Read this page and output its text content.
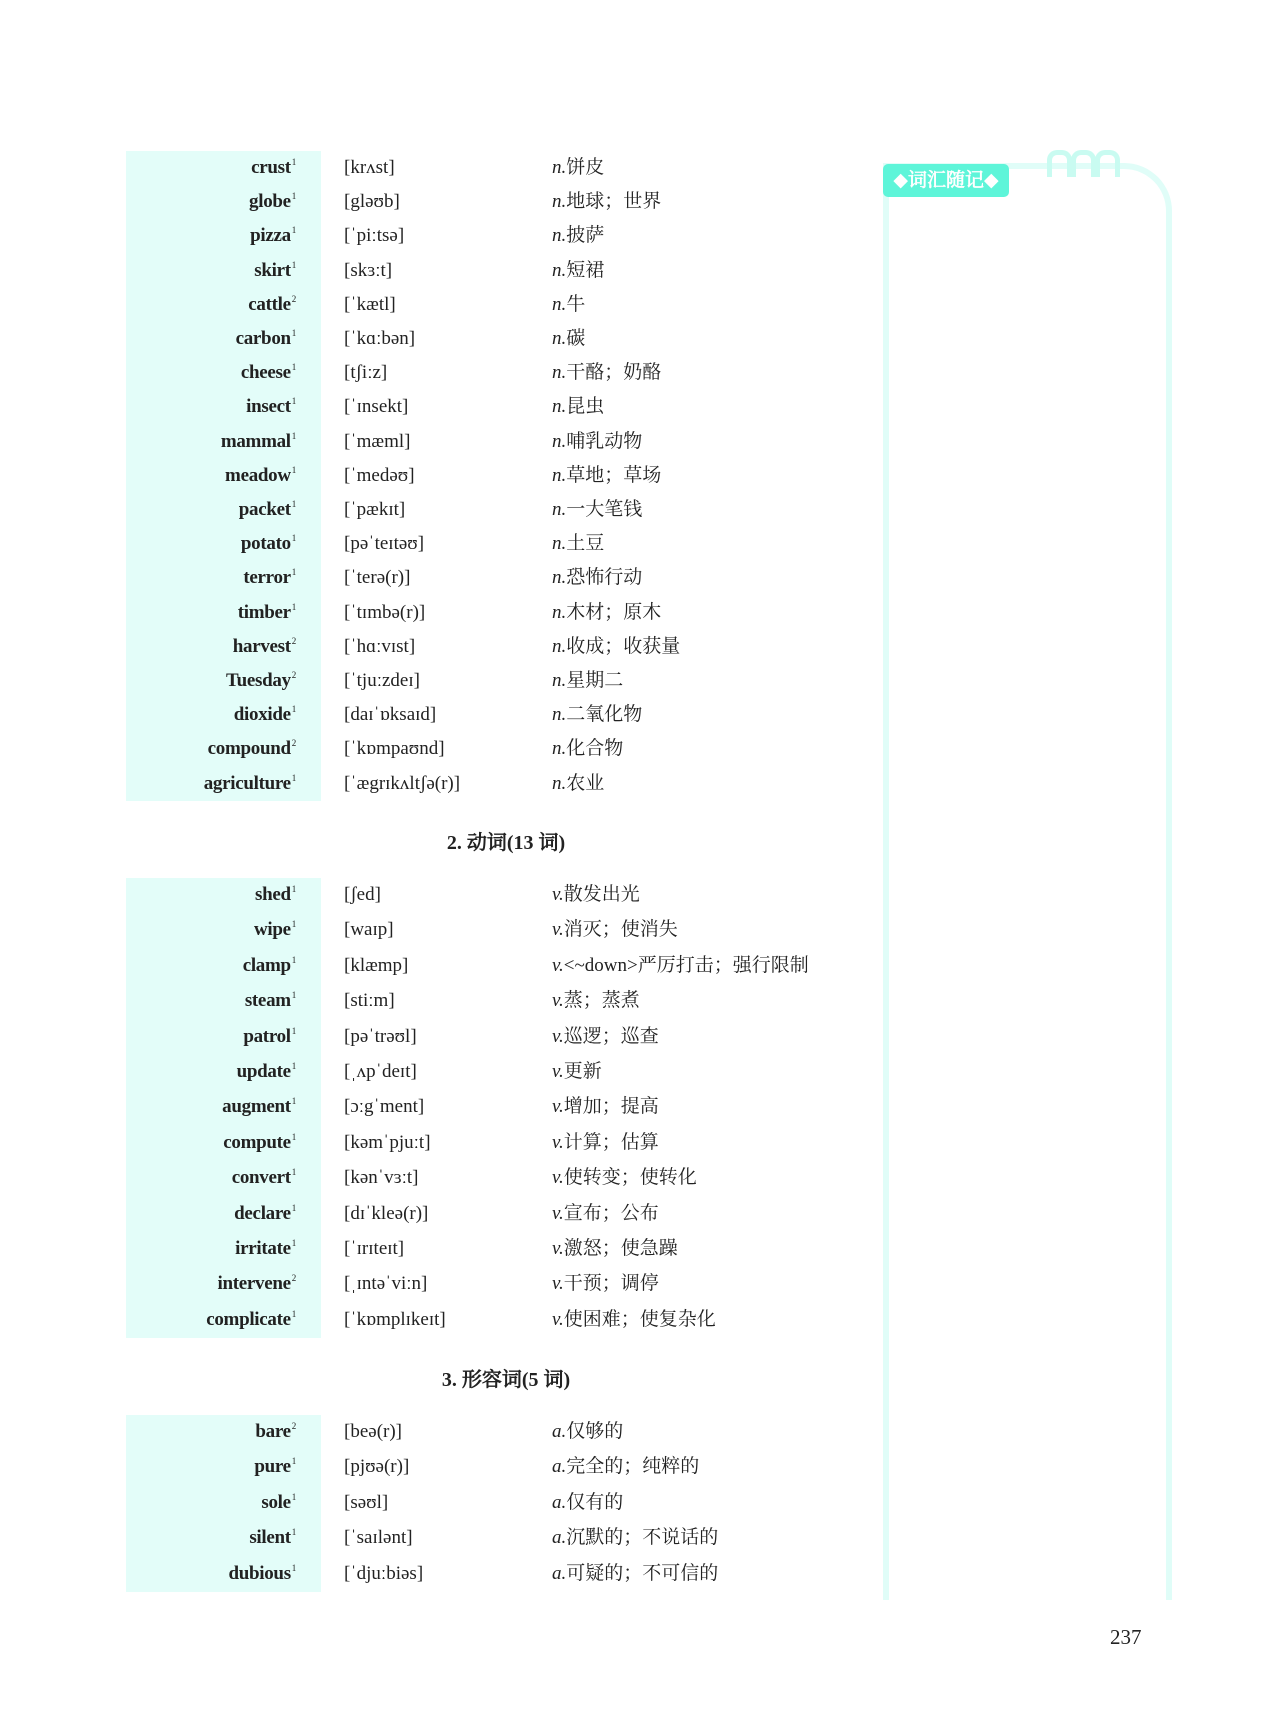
◆词汇随记◆
2. 动词(13 词)
3. 形容词(5 词)
crust$^1$	[krʌst]	n.饼皮
globe$^1$	[gləʊb]	n.地球；世界
pizza$^1$	[ˈpiːtsə]	n.披萨
skirt$^1$	[skɜːt]	n.短裙
cattle$^2$	[ˈkætl]	n.牛
carbon$^1$	[ˈkɑːbən]	n.碳
cheese$^1$	[tʃiːz]	n.干酪；奶酪
insect$^1$	[ˈɪnsekt]	n.昆虫
mammal$^1$	[ˈmæml]	n.哺乳动物
meadow$^1$	[ˈmedəʊ]	n.草地；草场
packet$^1$	[ˈpækɪt]	n.一大笔钱
potato$^1$	[pəˈteɪtəʊ]	n.土豆
terror$^1$	[ˈterə(r)]	n.恐怖行动
timber$^1$	[ˈtɪmbə(r)]	n.木材；原木
harvest$^2$	[ˈhɑːvɪst]	n.收成；收获量
Tuesday$^2$	[ˈtjuːzdeɪ]	n.星期二
dioxide$^1$	[daɪˈɒksaɪd]	n.二氧化物
compound$^2$	[ˈkɒmpaʊnd]	n.化合物
agriculture$^1$	[ˈægrɪkʌltʃə(r)]	n.农业
shed$^1$	[ʃed]	v.散发出光
wipe$^1$	[waɪp]	v.消灭；使消失
clamp$^1$	[klæmp]	v.<~down>严厉打击；强行限制
steam$^1$	[stiːm]	v.蒸；蒸煮
patrol$^1$	[pəˈtrəʊl]	v.巡逻；巡查
update$^1$	[ˌʌpˈdeɪt]	v.更新
augment$^1$	[ɔːgˈment]	v.增加；提高
compute$^1$	[kəmˈpjuːt]	v.计算；估算
convert$^1$	[kənˈvɜːt]	v.使转变；使转化
declare$^1$	[dɪˈkleə(r)]	v.宣布；公布
irritate$^1$	[ˈɪrɪteɪt]	v.激怒；使急躁
intervene$^2$	[ˌɪntəˈviːn]	v.干预；调停
complicate$^1$	[ˈkɒmplɪkeɪt]	v.使困难；使复杂化
bare$^2$	[beə(r)]	a.仅够的
pure$^1$	[pjʊə(r)]	a.完全的；纯粹的
sole$^1$	[səʊl]	a.仅有的
silent$^1$	[ˈsaɪlənt]	a.沉默的；不说话的
dubious$^1$	[ˈdjuːbiəs]	a.可疑的；不可信的
237
